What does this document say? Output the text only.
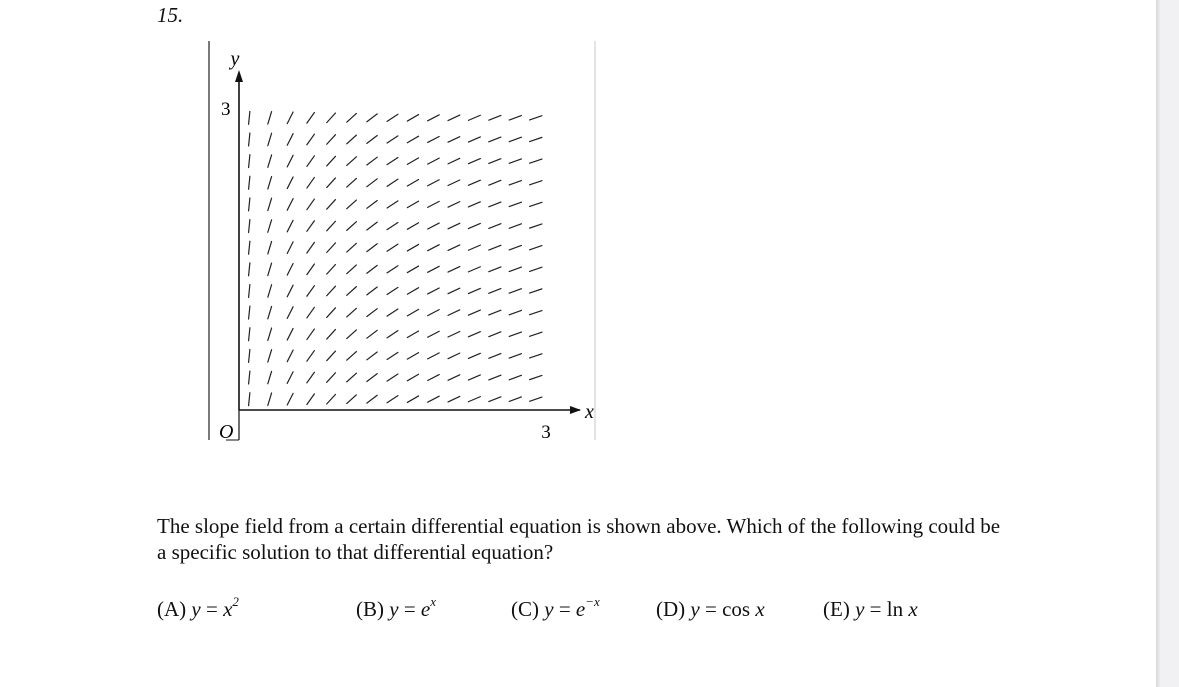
15.
y
x
3
3
O
The slope field from a certain differential equation is shown above. Which of the following could be
a specific solution to that differential equation?
(A) $y = x^2$	(B) $y = e^x$	(C) $y = e^{-x}$	(D) y = cos x	(E) y = ln x
